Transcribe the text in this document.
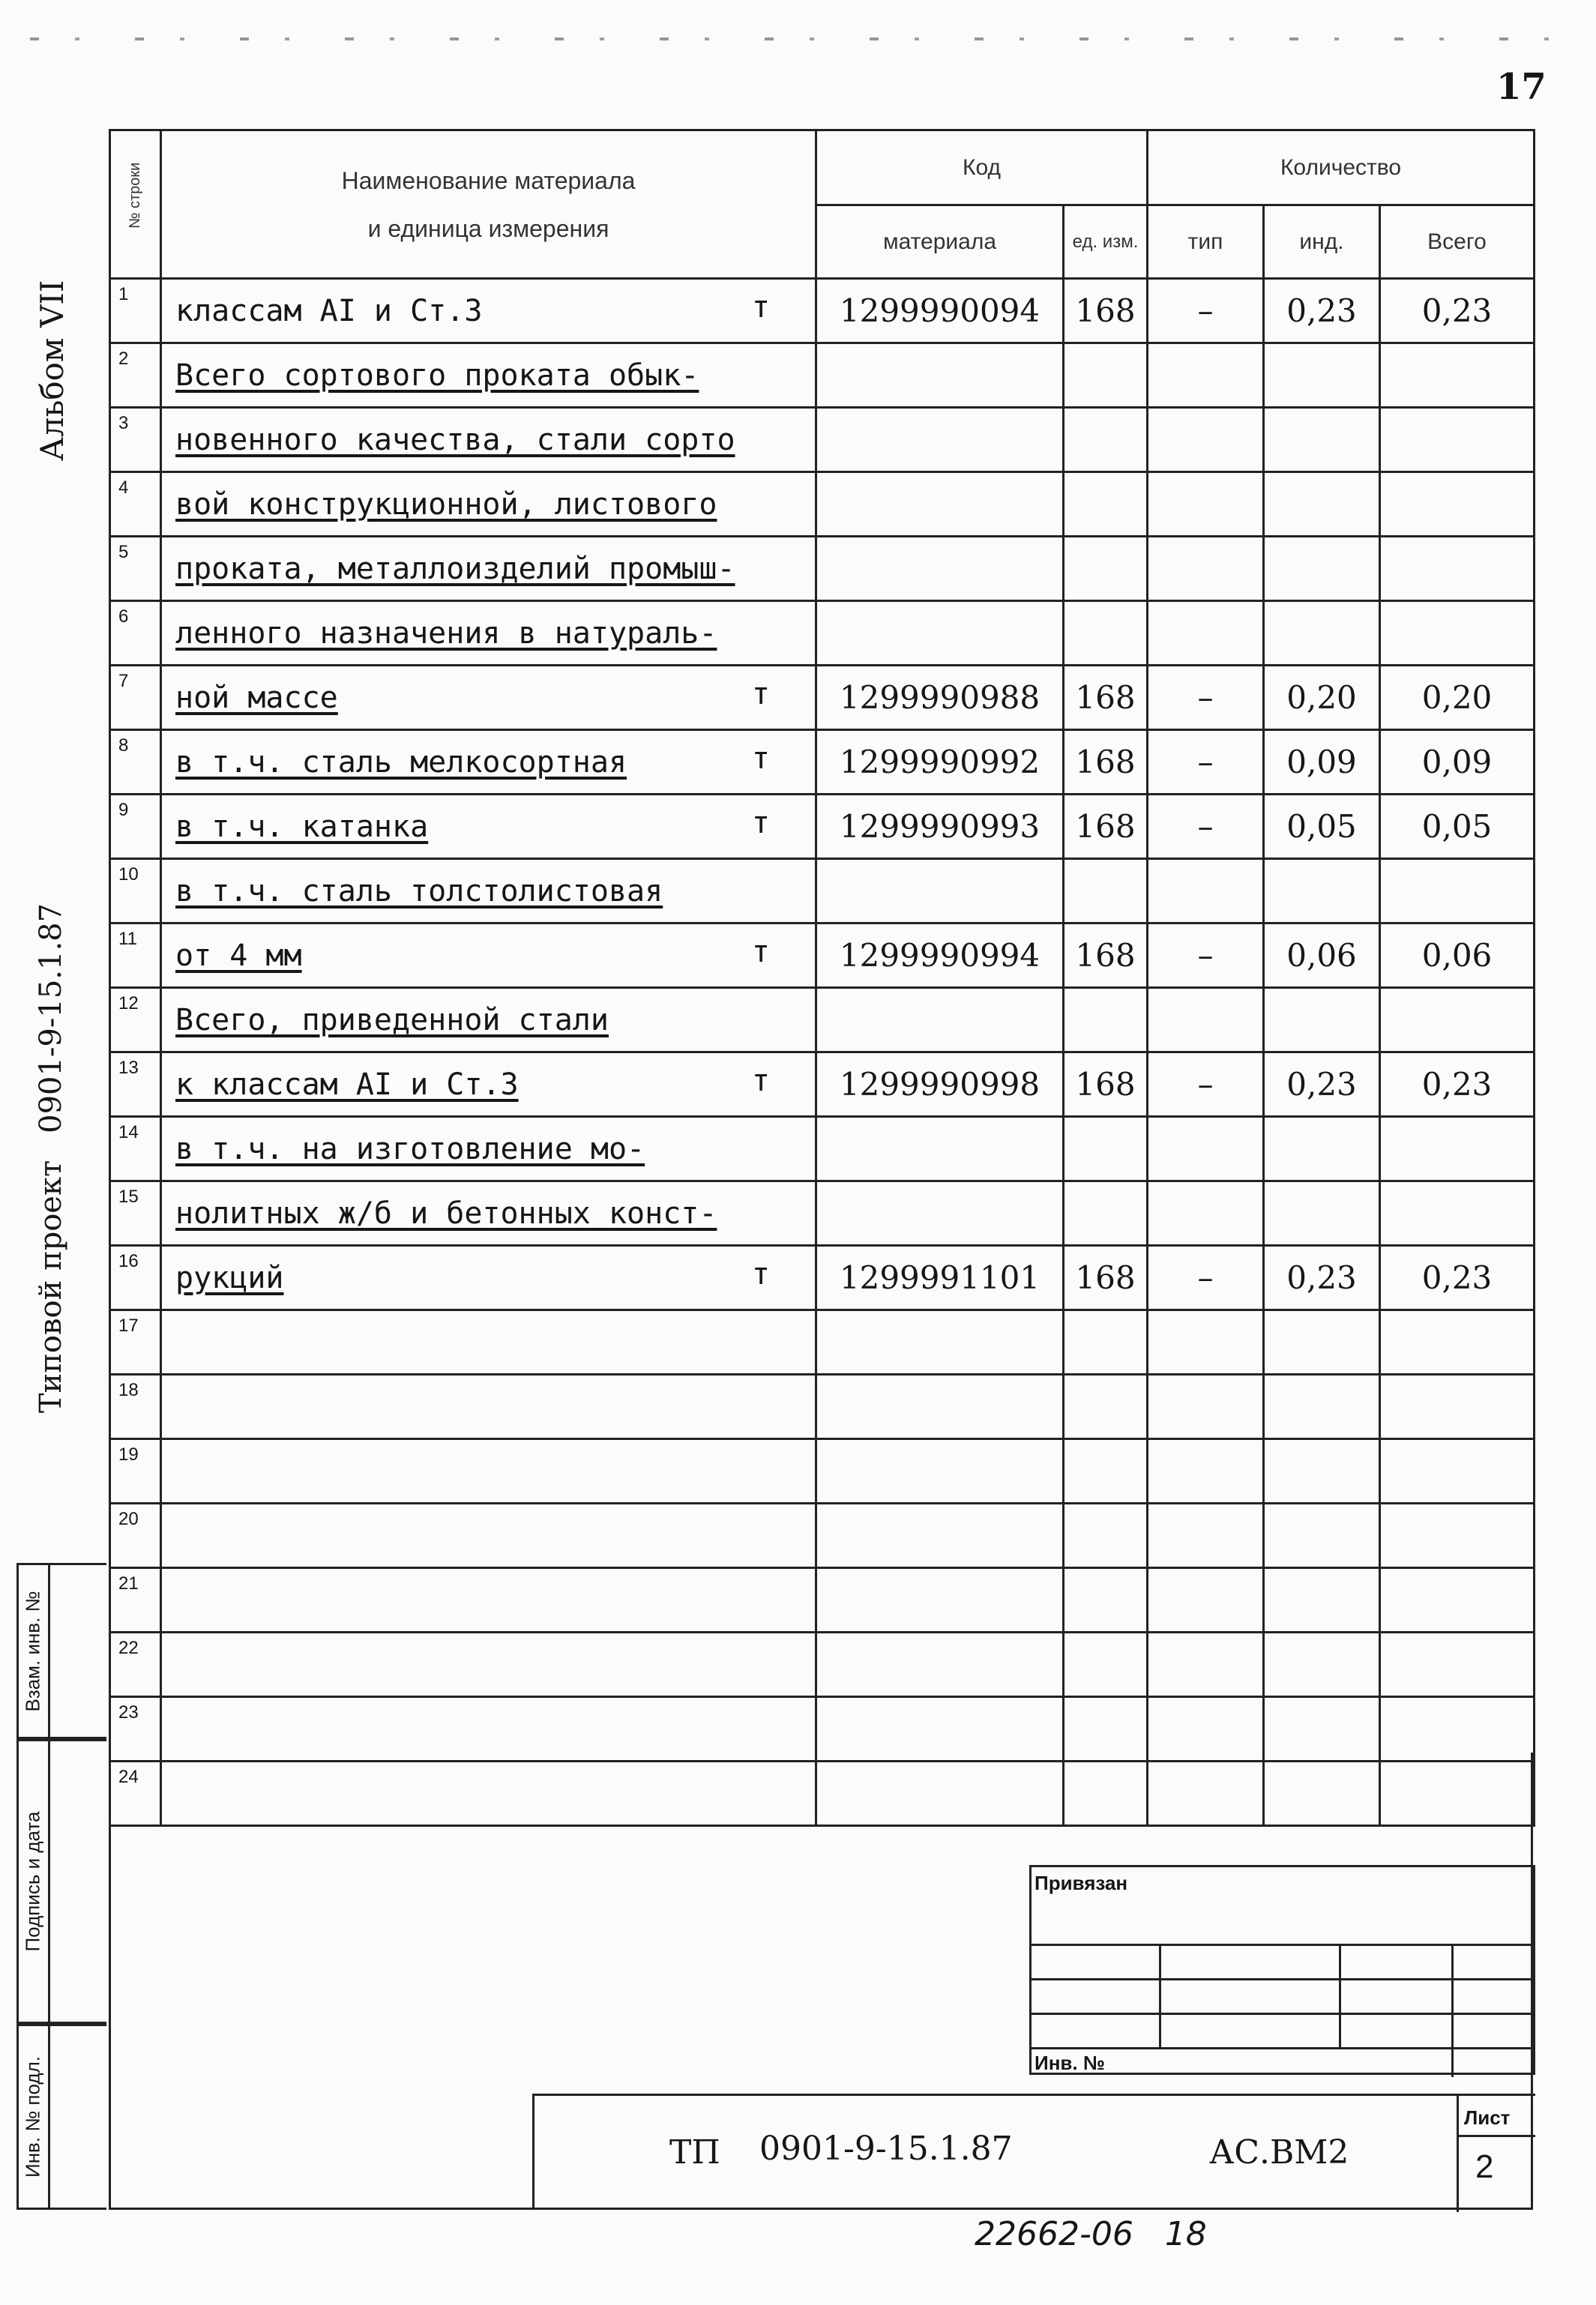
17
Альбом VII
Типовой проект0901-9-15.1.87
Взам. инв. №
Подпись и дата
Инв. № подл.
№ строки	Наименование материала
и единица измерения	Код		Количество		
		материала	ед. изм.	тип	инд.	Всего
1	классам AI и Ст.3 т	1299990094	168	–	0,23	0,23
2	Всего сортового проката обык-

3	новенного качества, стали сорто

4	вой конструкционной, листового

5	проката, металлоизделий промыш-

6	ленного назначения в натураль-

7	ной массе т	1299990988	168	–	0,20	0,20
8	в т.ч. сталь мелкосортная т	1299990992	168	–	0,09	0,09
9	в т.ч. катанка т	1299990993	168	–	0,05	0,05
10	в т.ч. сталь толстолистовая

11	от 4 мм т	1299990994	168	–	0,06	0,06
12	Всего, приведенной стали

13	к классам AI и Ст.3 т	1299990998	168	–	0,23	0,23
14	в т.ч. на изготовление мо-

15	нолитных ж/б и бетонных конст-

16	рукций т	1299991101	168	–	0,23	0,23
17	

18	

19	

20	

21	

22	

23	

24	

Привязан
Инв. №
ТП 0901-9-15.1.87	АС.ВМ2
Лист
2
22662-06 18
